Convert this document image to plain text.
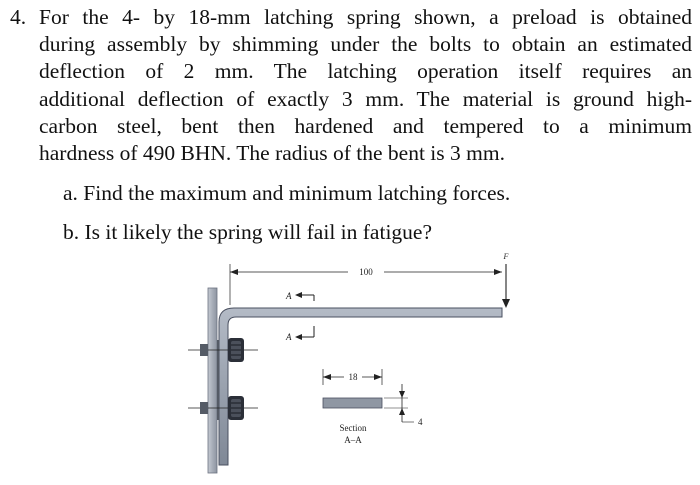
4. For the 4- by 18-mm latching spring shown, a preload is obtained
during assembly by shimming under the bolts to obtain an estimated
deflection of 2 mm. The latching operation itself requires an
additional deflection of exactly 3 mm. The material is ground high-
carbon steel, bent then hardened and tempered to a minimum
hardness of 490 BHN. The radius of the bent is 3 mm.
a. Find the maximum and minimum latching forces.
b. Is it likely the spring will fail in fatigue?
100
F
A
A
18
4
Section
A–A
